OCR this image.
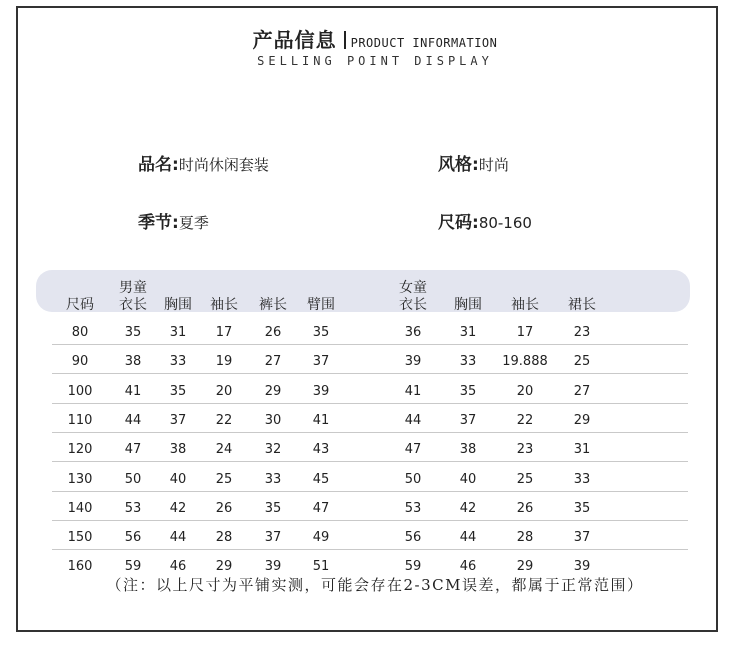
产品信息 PRODUCT INFORMATION
SELLING POINT DISPLAY
品名:时尚休闲套装	风格:时尚
季节:夏季	尺码:80-160
男童	女童
尺码 衣长 胸围 袖长 裤长 臂围	衣长 胸围 袖长 裙长
80	35 31 17 26 35	36	31	17	23
90	38 33 19 27 37	39	33 19.888 25
100 41 35 20 29 39	41	35	20	27
110 44 37 22 30 41	44	37	22	29
120 47 38 24 32 43	47	38	23	31
130 50 40 25 33 45	50	40	25	33
140 53 42 26 35 47	53	42	26	35
150 56 44 28 37 49	56	44	28	37
160 59 46 29 39 51	59	46	29	39
（注：以上尺寸为平铺实测，可能会存在2-3CM误差，都属于正常范围）
